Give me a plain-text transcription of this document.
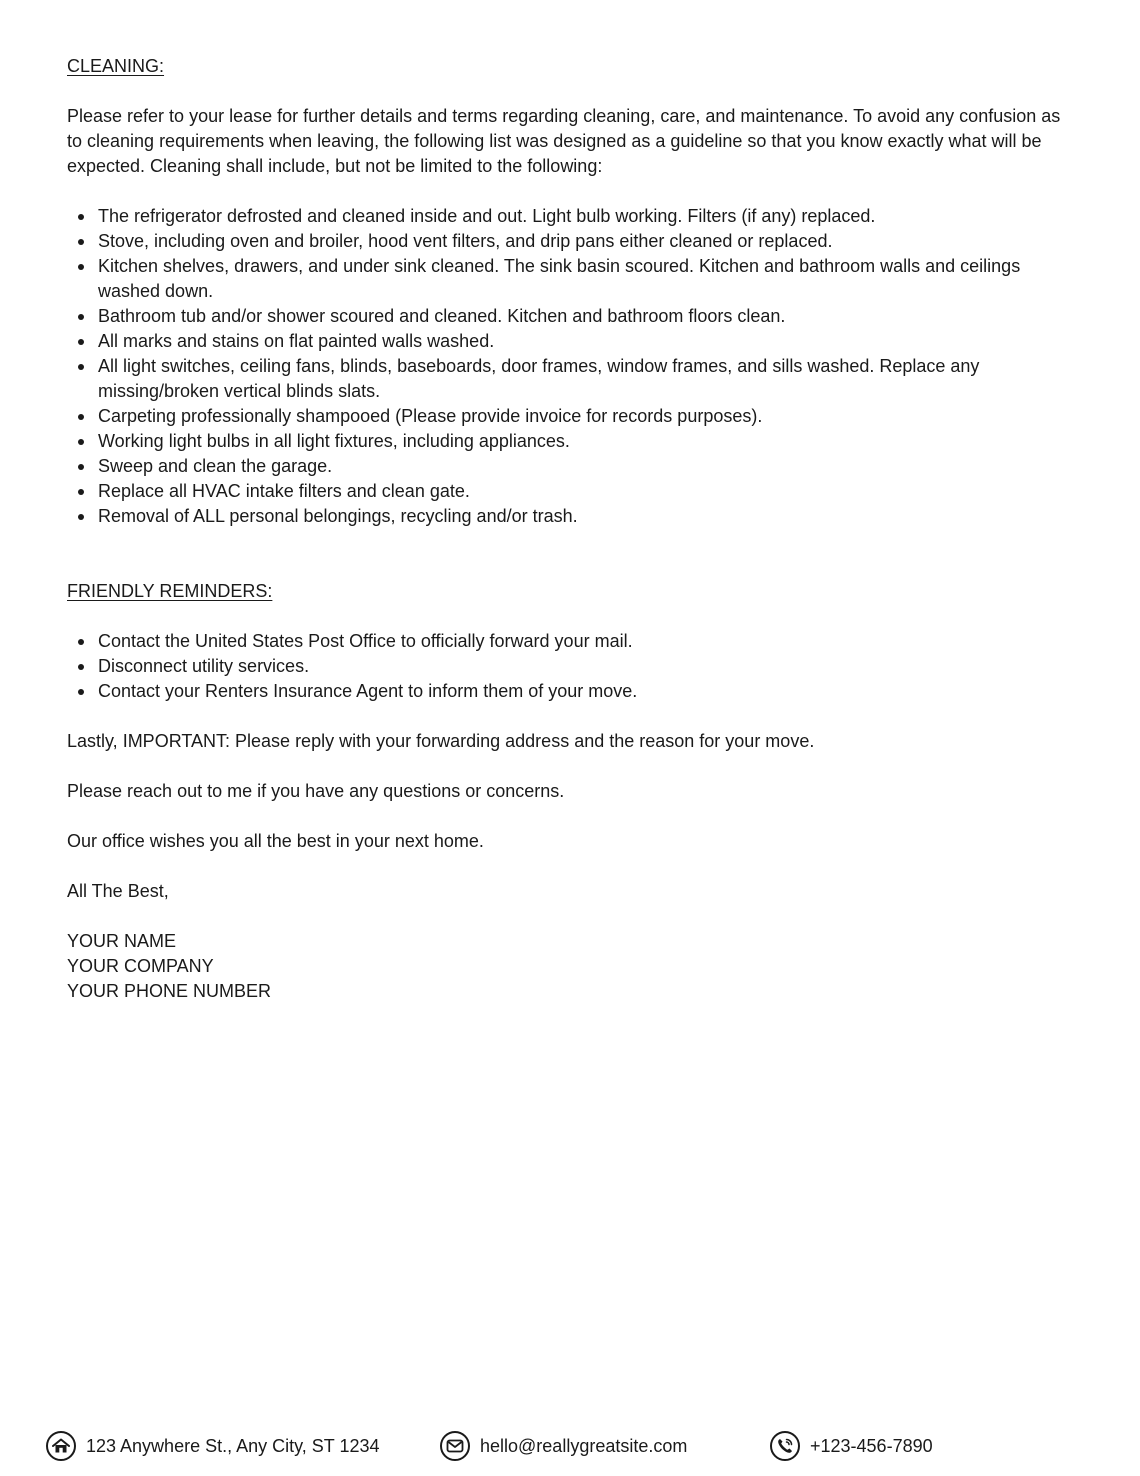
CLEANING:

Please refer to your lease for further details and terms regarding cleaning, care, and maintenance. To avoid any confusion as to cleaning requirements when leaving, the following list was designed as a guideline so that you know exactly what will be expected. Cleaning shall include, but not be limited to the following:

The refrigerator defrosted and cleaned inside and out. Light bulb working. Filters (if any) replaced.
Stove, including oven and broiler, hood vent filters, and drip pans either cleaned or replaced.
Kitchen shelves, drawers, and under sink cleaned. The sink basin scoured. Kitchen and bathroom walls and ceilings washed down.
Bathroom tub and/or shower scoured and cleaned. Kitchen and bathroom floors clean.
All marks and stains on flat painted walls washed.
All light switches, ceiling fans, blinds, baseboards, door frames, window frames, and sills washed. Replace any missing/broken vertical blinds slats.
Carpeting professionally shampooed (Please provide invoice for records purposes).
Working light bulbs in all light fixtures, including appliances.
Sweep and clean the garage.
Replace all HVAC intake filters and clean gate.
Removal of ALL personal belongings, recycling and/or trash.

FRIENDLY REMINDERS:

Contact the United States Post Office to officially forward your mail.
Disconnect utility services.
Contact your Renters Insurance Agent to inform them of your move.

Lastly, IMPORTANT: Please reply with your forwarding address and the reason for your move.

Please reach out to me if you have any questions or concerns.

Our office wishes you all the best in your next home.

All The Best,

YOUR NAME

YOUR COMPANY

YOUR PHONE NUMBER

123 Anywhere St., Any City, ST 1234	hello@reallygreatsite.com	+123-456-7890
